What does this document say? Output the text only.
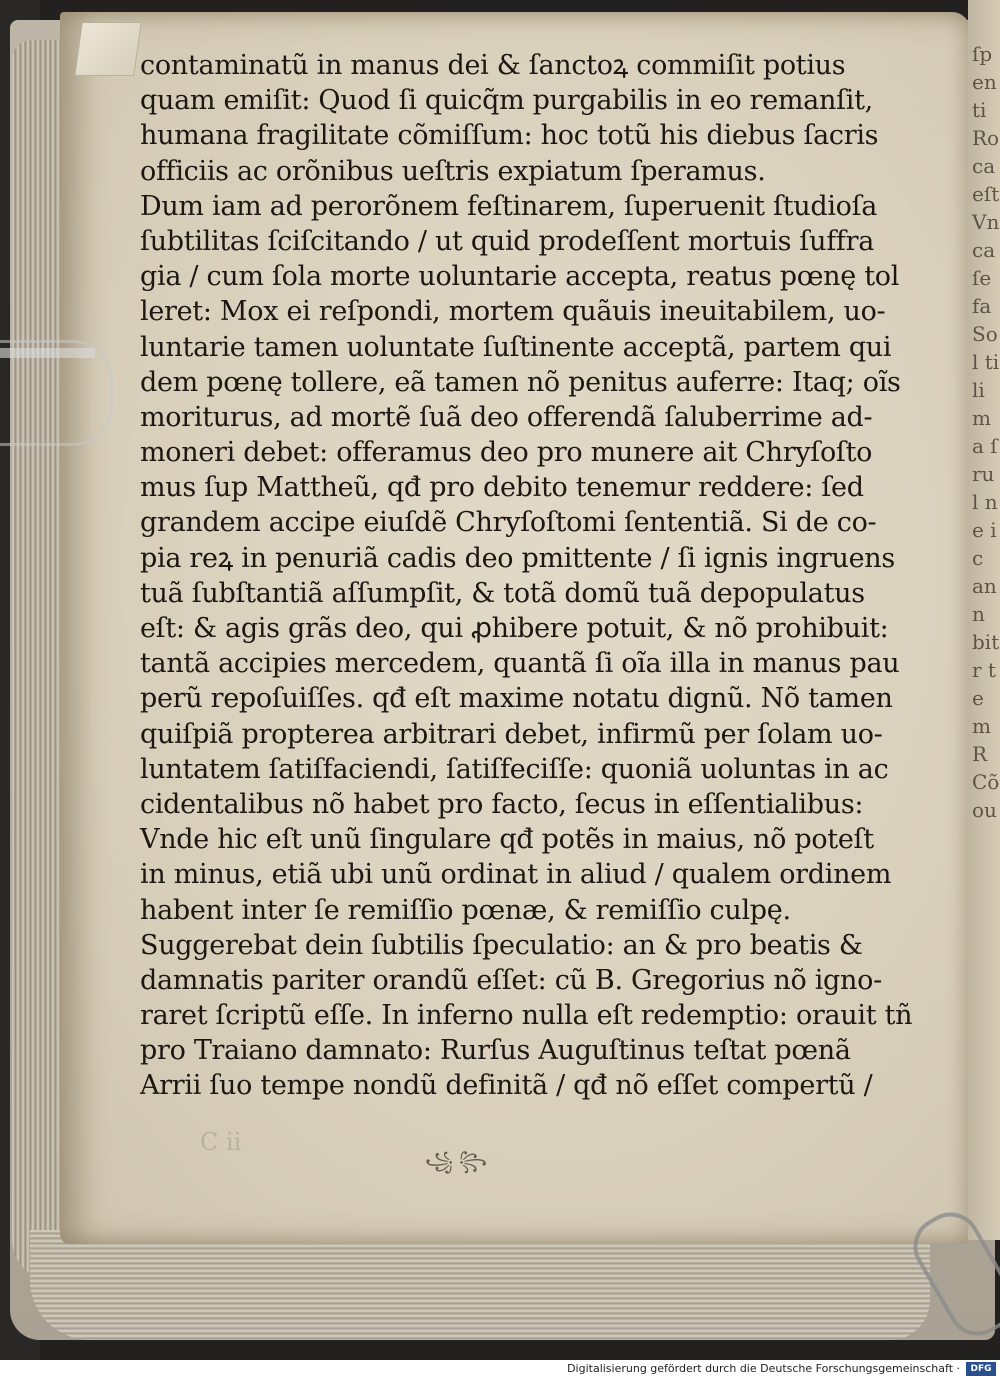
ſpenti Ro ca eſt Vn ca ſe fa Sol tili ma ſrul ne ic ann bitr tem R Cõ ou
contaminatũ in manus dei & ſanctoꝝ commiſit potius
quam emiſit: Quod ſi quicq̃m purgabilis in eo remanſit,
humana fragilitate cõmiſſum: hoc totũ his diebus ſacris
officiis ac orõnibus ueſtris expiatum ſperamus.
Dum iam ad perorõnem feſtinarem, ſuperuenit ſtudioſa
ſubtilitas ſciſcitando / ut quid prodeſſent mortuis ſuffra
gia / cum ſola morte uoluntarie accepta, reatus pœnę tol
leret: Mox ei reſpondi, mortem quãuis ineuitabilem, uo-
luntarie tamen uoluntate ſuſtinente acceptã, partem qui
dem pœnę tollere, eã tamen nõ penitus auferre: Itaq; oĩs
moriturus, ad mortẽ ſuã deo offerendã ſaluberrime ad-
moneri debet: offeramus deo pro munere ait Chryſoſto
mus ſup Mattheũ, qđ pro debito tenemur reddere: ſed
grandem accipe eiuſdẽ Chryſoſtomi ſententiã. Si de co-
pia reꝝ in penuriã cadis deo pmittente / ſi ignis ingruens
tuã ſubſtantiã aſſumpſit, & totã domũ tuã depopulatus
eſt: & agis grãs deo, qui ꝓhibere potuit, & nõ prohibuit:
tantã accipies mercedem, quantã ſi oĩa illa in manus pau
perũ repoſuiſſes. qđ eſt maxime notatu dignũ. Nõ tamen
quiſpiã propterea arbitrari debet, infirmũ per ſolam uo-
luntatem ſatiſfaciendi, ſatiſfeciſſe: quoniã uoluntas in ac
cidentalibus nõ habet pro facto, ſecus in eſſentialibus:
Vnde hic eſt unũ ſingulare qđ potẽs in maius, nõ poteſt
in minus, etiã ubi unũ ordinat in aliud / qualem ordinem
habent inter ſe remiſſio pœnæ, & remiſſio culpę.
Suggerebat dein ſubtilis ſpeculatio: an & pro beatis &
damnatis pariter orandũ eſſet: cũ B. Gregorius nõ igno-
raret ſcriptũ eſſe. In inferno nulla eſt redemptio: orauit tñ
pro Traiano damnato: Rurſus Auguſtinus teſtat pœnã
Arrii ſuo tempe nondũ definitã / qđ nõ eſſet compertũ /
C ii
꧁ ꧂
Digitalisierung gefördert durch die Deutsche Forschungsgemeinschaft ·	DFG
